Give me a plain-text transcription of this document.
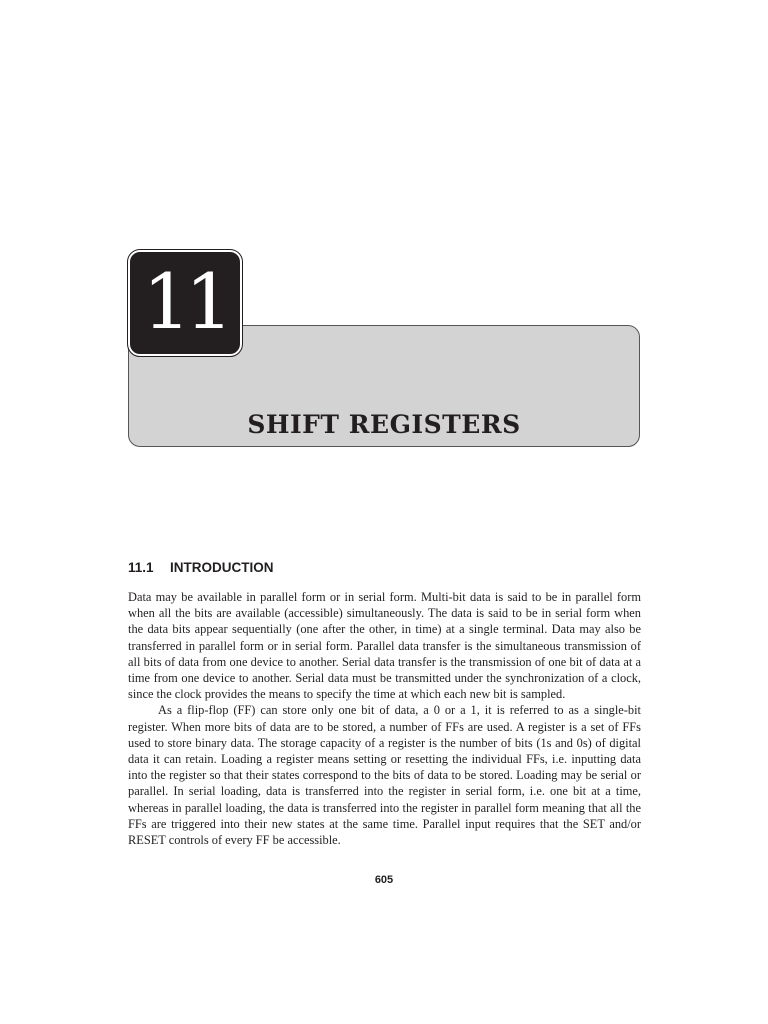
11
SHIFT REGISTERS
11.1 INTRODUCTION

Data may be available in parallel form or in serial form. Multi-bit data is said to be in parallel form when all the bits are available (accessible) simultaneously. The data is said to be in serial form when the data bits appear sequentially (one after the other, in time) at a single terminal. Data may also be transferred in parallel form or in serial form. Parallel data transfer is the simultaneous transmission of all bits of data from one device to another. Serial data transfer is the transmission of one bit of data at a time from one device to another. Serial data must be transmitted under the synchronization of a clock, since the clock provides the means to specify the time at which each new bit is sampled.

As a flip-flop (FF) can store only one bit of data, a 0 or a 1, it is referred to as a single-bit register. When more bits of data are to be stored, a number of FFs are used. A register is a set of FFs used to store binary data. The storage capacity of a register is the number of bits (1s and 0s) of digital data it can retain. Loading a register means setting or resetting the individual FFs, i.e. inputting data into the register so that their states correspond to the bits of data to be stored. Loading may be serial or parallel. In serial loading, data is transferred into the register in serial form, i.e. one bit at a time, whereas in parallel loading, the data is transferred into the register in parallel form meaning that all the FFs are triggered into their new states at the same time. Parallel input requires that the SET and/or RESET controls of every FF be accessible.

605
